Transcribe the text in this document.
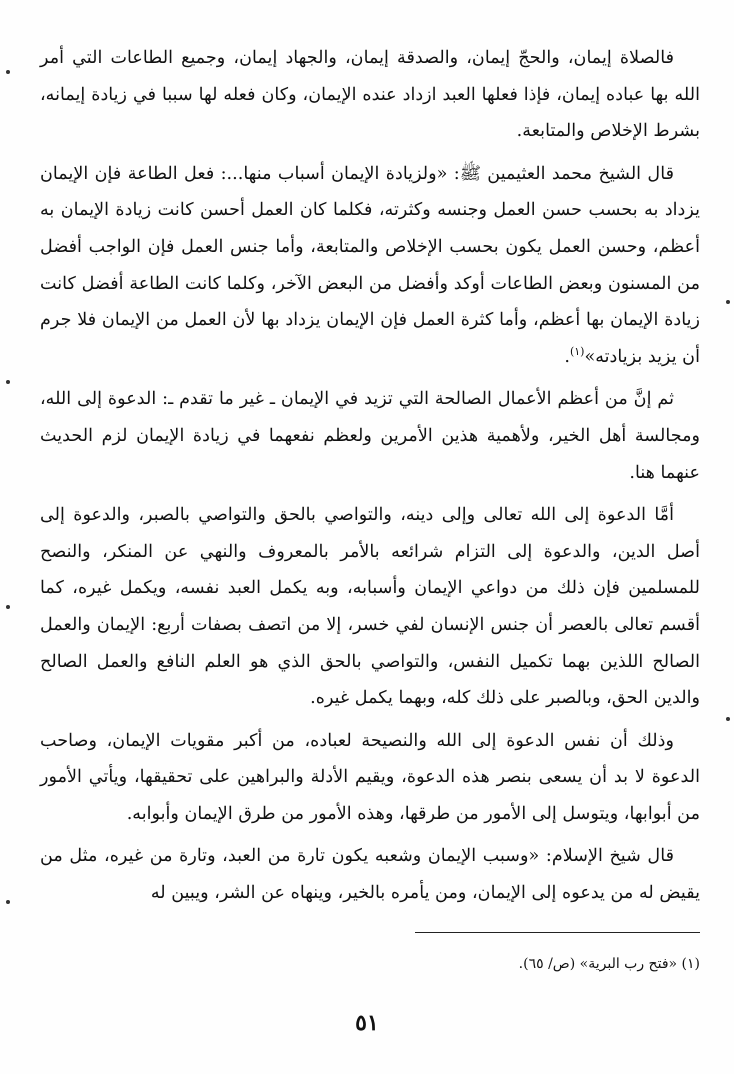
فالصلاة إيمان، والحجّ إيمان، والصدقة إيمان، والجهاد إيمان، وجميع الطاعات التي أمر الله بها عباده إيمان، فإذا فعلها العبد ازداد عنده الإيمان، وكان فعله لها سببا في زيادة إيمانه، بشرط الإخلاص والمتابعة.

قال الشيخ محمد العثيمين ﷺ: «ولزيادة الإيمان أسباب منها...: فعل الطاعة فإن الإيمان يزداد به بحسب حسن العمل وجنسه وكثرته، فكلما كان العمل أحسن كانت زيادة الإيمان به أعظم، وحسن العمل يكون بحسب الإخلاص والمتابعة، وأما جنس العمل فإن الواجب أفضل من المسنون وبعض الطاعات أوكد وأفضل من البعض الآخر، وكلما كانت الطاعة أفضل كانت زيادة الإيمان بها أعظم، وأما كثرة العمل فإن الإيمان يزداد بها لأن العمل من الإيمان فلا جرم أن يزيد بزيادته»$^{(١)}$.

ثم إنَّ من أعظم الأعمال الصالحة التي تزيد في الإيمان ـ غير ما تقدم ـ: الدعوة إلى الله، ومجالسة أهل الخير، ولأهمية هذين الأمرين ولعظم نفعهما في زيادة الإيمان لزم الحديث عنهما هنا.

أمَّا الدعوة إلى الله تعالى وإلى دينه، والتواصي بالحق والتواصي بالصبر، والدعوة إلى أصل الدين، والدعوة إلى التزام شرائعه بالأمر بالمعروف والنهي عن المنكر، والنصح للمسلمين فإن ذلك من دواعي الإيمان وأسبابه، وبه يكمل العبد نفسه، ويكمل غيره، كما أقسم تعالى بالعصر أن جنس الإنسان لفي خسر، إلا من اتصف بصفات أربع: الإيمان والعمل الصالح اللذين بهما تكميل النفس، والتواصي بالحق الذي هو العلم النافع والعمل الصالح والدين الحق، وبالصبر على ذلك كله، وبهما يكمل غيره.

وذلك أن نفس الدعوة إلى الله والنصيحة لعباده، من أكبر مقويات الإيمان، وصاحب الدعوة لا بد أن يسعى بنصر هذه الدعوة، ويقيم الأدلة والبراهين على تحقيقها، ويأتي الأمور من أبوابها، ويتوسل إلى الأمور من طرقها، وهذه الأمور من طرق الإيمان وأبوابه.

قال شيخ الإسلام: «وسبب الإيمان وشعبه يكون تارة من العبد، وتارة من غيره، مثل من يقيض له من يدعوه إلى الإيمان، ومن يأمره بالخير، وينهاه عن الشر، ويبين له

(١) «فتح رب البرية» (ص/ ٦٥).
٥١
